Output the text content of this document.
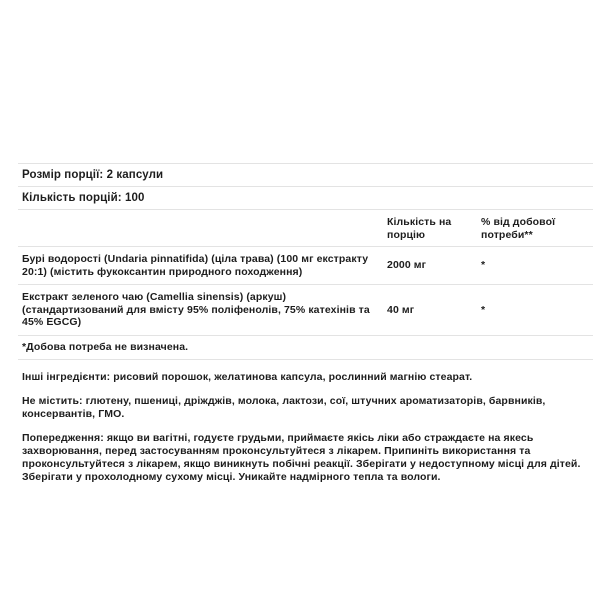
Розмір порції: 2 капсули
Кількість порцій: 100
Кількість на порцію
% від добової потреби**
Бурі водорості (Undaria pinnatifida) (ціла трава) (100 мг екстракту 20:1) (містить фукоксантин природного походження)
2000 мг	*
Екстракт зеленого чаю (Camellia sinensis) (аркуш) (стандартизований для вмісту 95% поліфенолів, 75% катехінів та 45% EGCG)
40 мг	*
*Добова потреба не визначена.

Інші інгредієнти: рисовий порошок, желатинова капсула, рослинний магнію стеарат.

Не містить: глютену, пшениці, дріжджів, молока, лактози, сої, штучних ароматизаторів, барвників, консервантів, ГМО.

Попередження: якщо ви вагітні, годуєте грудьми, приймаєте якісь ліки або страждаєте на якесь захворювання, перед застосуванням проконсультуйтеся з лікарем. Припиніть використання та проконсультуйтеся з лікарем, якщо виникнуть побічні реакції. Зберігати у недоступному місці для дітей. Зберігати у прохолодному сухому місці. Уникайте надмірного тепла та вологи.
